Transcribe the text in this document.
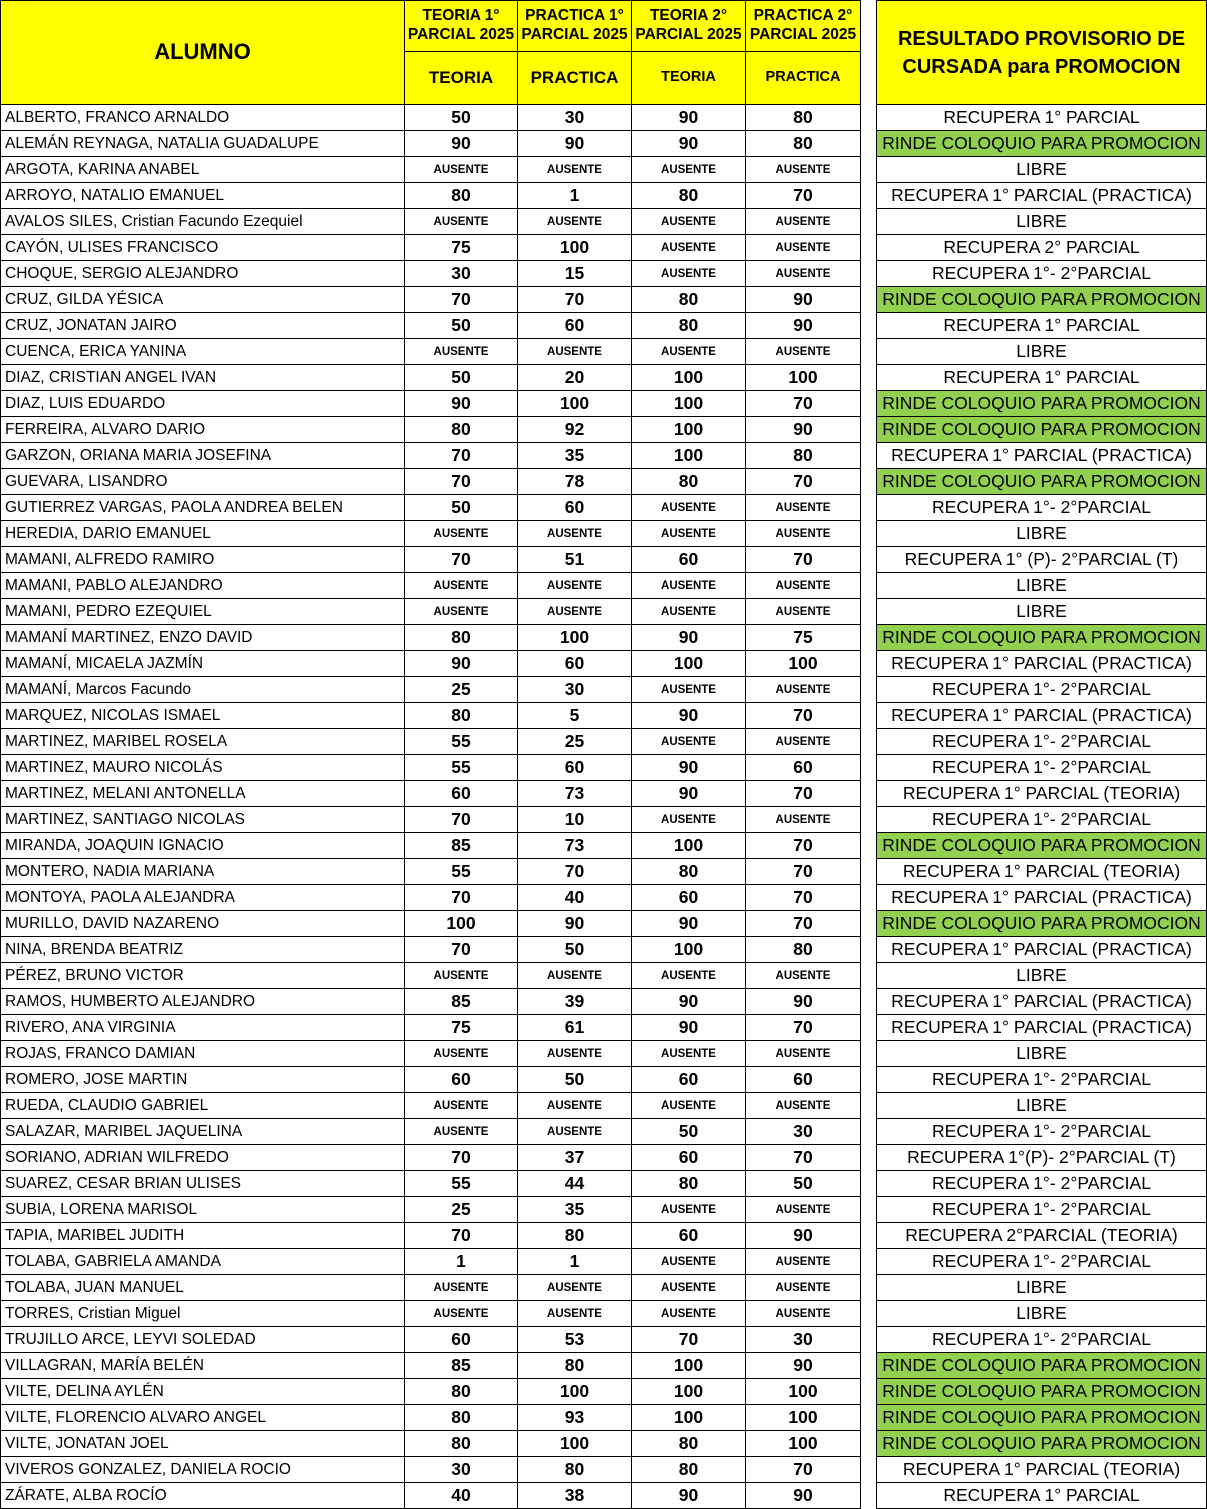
ALUMNO	TEORIA 1° PARCIAL 2025	PRACTICA 1° PARCIAL 2025	TEORIA 2° PARCIAL 2025	PRACTICA 2° PARCIAL 2025		RESULTADO PROVISORIO DE CURSADA para PROMOCION
	TEORIA	PRACTICA	TEORIA	PRACTICA		
ALBERTO, FRANCO ARNALDO	50	30	90	80		RECUPERA 1° PARCIAL
ALEMÁN REYNAGA, NATALIA GUADALUPE	90	90	90	80		RINDE COLOQUIO PARA PROMOCION
ARGOTA, KARINA ANABEL	AUSENTE	AUSENTE	AUSENTE	AUSENTE		LIBRE
ARROYO, NATALIO EMANUEL	80	1	80	70		RECUPERA 1° PARCIAL (PRACTICA)
AVALOS SILES, Cristian Facundo Ezequiel	AUSENTE	AUSENTE	AUSENTE	AUSENTE		LIBRE
CAYÓN, ULISES FRANCISCO	75	100	AUSENTE	AUSENTE		RECUPERA 2° PARCIAL
CHOQUE, SERGIO ALEJANDRO	30	15	AUSENTE	AUSENTE		RECUPERA 1°- 2°PARCIAL
CRUZ, GILDA YÉSICA	70	70	80	90		RINDE COLOQUIO PARA PROMOCION
CRUZ, JONATAN JAIRO	50	60	80	90		RECUPERA 1° PARCIAL
CUENCA, ERICA YANINA	AUSENTE	AUSENTE	AUSENTE	AUSENTE		LIBRE
DIAZ, CRISTIAN ANGEL IVAN	50	20	100	100		RECUPERA 1° PARCIAL
DIAZ, LUIS EDUARDO	90	100	100	70		RINDE COLOQUIO PARA PROMOCION
FERREIRA, ALVARO DARIO	80	92	100	90		RINDE COLOQUIO PARA PROMOCION
GARZON, ORIANA MARIA JOSEFINA	70	35	100	80		RECUPERA 1° PARCIAL (PRACTICA)
GUEVARA, LISANDRO	70	78	80	70		RINDE COLOQUIO PARA PROMOCION
GUTIERREZ VARGAS, PAOLA ANDREA BELEN	50	60	AUSENTE	AUSENTE		RECUPERA 1°- 2°PARCIAL
HEREDIA, DARIO EMANUEL	AUSENTE	AUSENTE	AUSENTE	AUSENTE		LIBRE
MAMANI, ALFREDO RAMIRO	70	51	60	70		RECUPERA 1° (P)- 2°PARCIAL (T)
MAMANI, PABLO ALEJANDRO	AUSENTE	AUSENTE	AUSENTE	AUSENTE		LIBRE
MAMANI, PEDRO EZEQUIEL	AUSENTE	AUSENTE	AUSENTE	AUSENTE		LIBRE
MAMANÍ MARTINEZ, ENZO DAVID	80	100	90	75		RINDE COLOQUIO PARA PROMOCION
MAMANÍ, MICAELA JAZMÍN	90	60	100	100		RECUPERA 1° PARCIAL (PRACTICA)
MAMANÍ, Marcos Facundo	25	30	AUSENTE	AUSENTE		RECUPERA 1°- 2°PARCIAL
MARQUEZ, NICOLAS ISMAEL	80	5	90	70		RECUPERA 1° PARCIAL (PRACTICA)
MARTINEZ, MARIBEL ROSELA	55	25	AUSENTE	AUSENTE		RECUPERA 1°- 2°PARCIAL
MARTINEZ, MAURO NICOLÁS	55	60	90	60		RECUPERA 1°- 2°PARCIAL
MARTINEZ, MELANI ANTONELLA	60	73	90	70		RECUPERA 1° PARCIAL (TEORIA)
MARTINEZ, SANTIAGO NICOLAS	70	10	AUSENTE	AUSENTE		RECUPERA 1°- 2°PARCIAL
MIRANDA, JOAQUIN IGNACIO	85	73	100	70		RINDE COLOQUIO PARA PROMOCION
MONTERO, NADIA MARIANA	55	70	80	70		RECUPERA 1° PARCIAL (TEORIA)
MONTOYA, PAOLA ALEJANDRA	70	40	60	70		RECUPERA 1° PARCIAL (PRACTICA)
MURILLO, DAVID NAZARENO	100	90	90	70		RINDE COLOQUIO PARA PROMOCION
NINA, BRENDA BEATRIZ	70	50	100	80		RECUPERA 1° PARCIAL (PRACTICA)
PÉREZ, BRUNO VICTOR	AUSENTE	AUSENTE	AUSENTE	AUSENTE		LIBRE
RAMOS, HUMBERTO ALEJANDRO	85	39	90	90		RECUPERA 1° PARCIAL (PRACTICA)
RIVERO, ANA VIRGINIA	75	61	90	70		RECUPERA 1° PARCIAL (PRACTICA)
ROJAS, FRANCO DAMIAN	AUSENTE	AUSENTE	AUSENTE	AUSENTE		LIBRE
ROMERO, JOSE MARTIN	60	50	60	60		RECUPERA 1°- 2°PARCIAL
RUEDA, CLAUDIO GABRIEL	AUSENTE	AUSENTE	AUSENTE	AUSENTE		LIBRE
SALAZAR, MARIBEL JAQUELINA	AUSENTE	AUSENTE	50	30		RECUPERA 1°- 2°PARCIAL
SORIANO, ADRIAN WILFREDO	70	37	60	70		RECUPERA 1°(P)- 2°PARCIAL (T)
SUAREZ, CESAR BRIAN ULISES	55	44	80	50		RECUPERA 1°- 2°PARCIAL
SUBIA, LORENA MARISOL	25	35	AUSENTE	AUSENTE		RECUPERA 1°- 2°PARCIAL
TAPIA, MARIBEL JUDITH	70	80	60	90		RECUPERA 2°PARCIAL (TEORIA)
TOLABA, GABRIELA AMANDA	1	1	AUSENTE	AUSENTE		RECUPERA 1°- 2°PARCIAL
TOLABA, JUAN MANUEL	AUSENTE	AUSENTE	AUSENTE	AUSENTE		LIBRE
TORRES, Cristian Miguel	AUSENTE	AUSENTE	AUSENTE	AUSENTE		LIBRE
TRUJILLO ARCE, LEYVI SOLEDAD	60	53	70	30		RECUPERA 1°- 2°PARCIAL
VILLAGRAN, MARÍA BELÉN	85	80	100	90		RINDE COLOQUIO PARA PROMOCION
VILTE, DELINA AYLÉN	80	100	100	100		RINDE COLOQUIO PARA PROMOCION
VILTE, FLORENCIO ALVARO ANGEL	80	93	100	100		RINDE COLOQUIO PARA PROMOCION
VILTE, JONATAN JOEL	80	100	80	100		RINDE COLOQUIO PARA PROMOCION
VIVEROS GONZALEZ, DANIELA ROCIO	30	80	80	70		RECUPERA 1° PARCIAL (TEORIA)
ZÁRATE, ALBA ROCÍO	40	38	90	90		RECUPERA 1° PARCIAL
